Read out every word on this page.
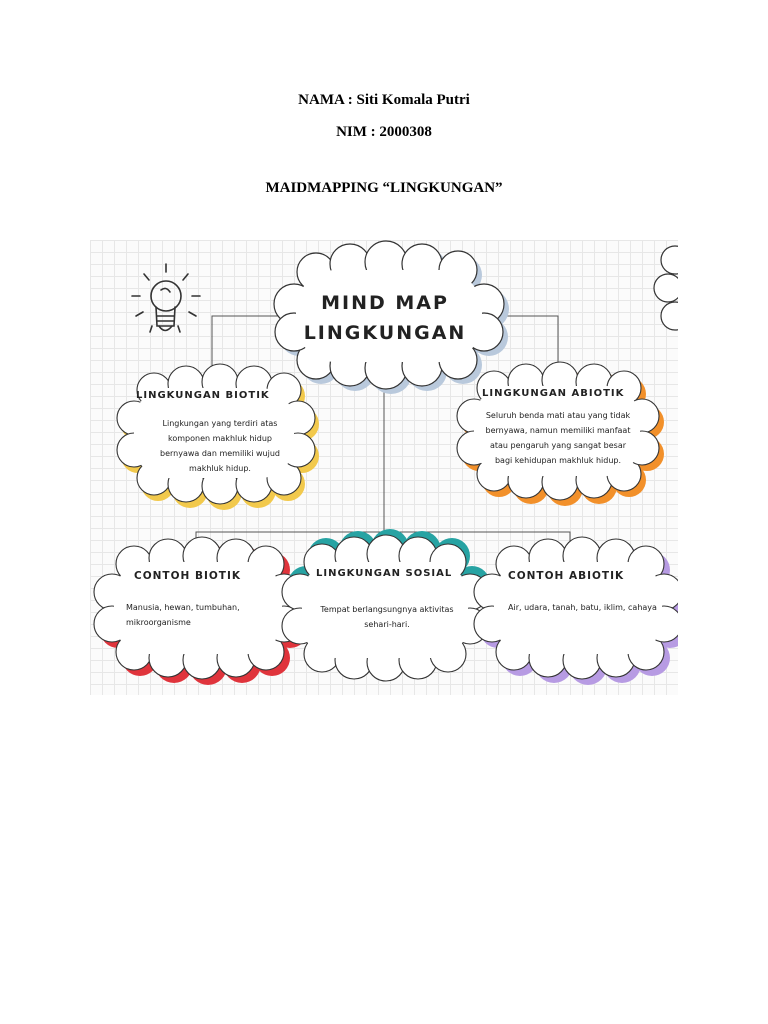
NAMA : Siti Komala Putri
NIM : 2000308
MAIDMAPPING “LINGKUNGAN”
MIND MAP
LINGKUNGAN
LINGKUNGAN BIOTIK
Lingkungan yang terdiri atas komponen makhluk hidup bernyawa dan memiliki wujud makhluk hidup.
LINGKUNGAN ABIOTIK
Seluruh benda mati atau yang tidak bernyawa, namun memiliki manfaat atau pengaruh yang sangat besar bagi kehidupan makhluk hidup.
CONTOH BIOTIK
Manusia, hewan, tumbuhan, mikroorganisme
LINGKUNGAN SOSIAL
Tempat berlangsungnya aktivitas sehari-hari.
CONTOH ABIOTIK
Air, udara, tanah, batu, iklim, cahaya
